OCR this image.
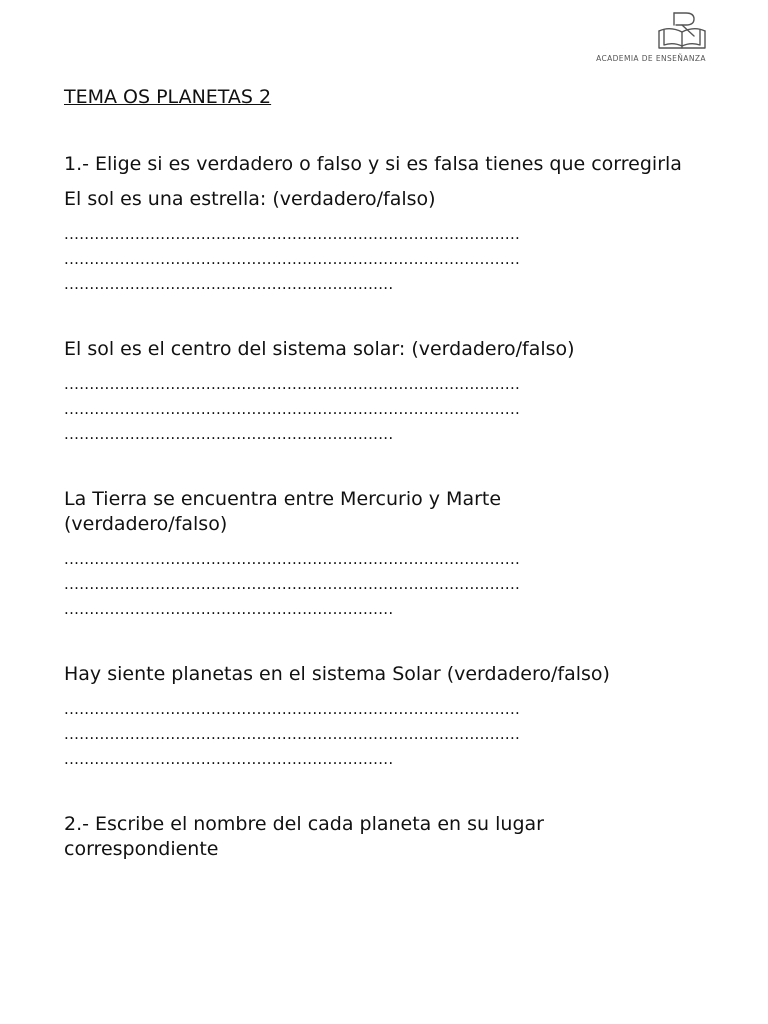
ACADEMIA DE ENSEÑANZA

TEMA OS PLANETAS 2

1.- Elige si es verdadero o falso y si es falsa tienes que corregirla

El sol es una estrella: (verdadero/falso)

..........................................................................................

..........................................................................................

.................................................................

El sol es el centro del sistema solar: (verdadero/falso)

..........................................................................................

..........................................................................................

.................................................................

La Tierra se encuentra entre Mercurio y Marte (verdadero/falso)

..........................................................................................

..........................................................................................

.................................................................

Hay siente planetas en el sistema Solar (verdadero/falso)

..........................................................................................

..........................................................................................

.................................................................

2.- Escribe el nombre del cada planeta en su lugar correspondiente
